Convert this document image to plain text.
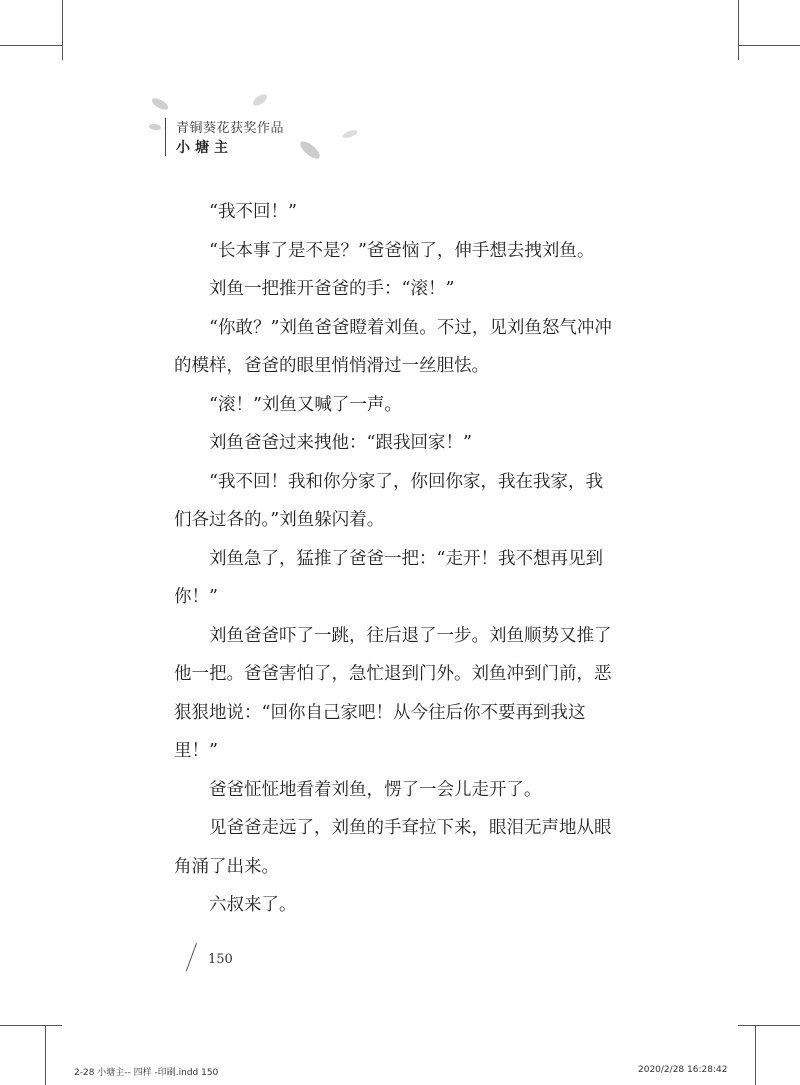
青铜葵花获奖作品
小塘主

“我不回！”

“长本事了是不是？”爸爸恼了，伸手想去拽刘鱼。

刘鱼一把推开爸爸的手：“滚！”

“你敢？”刘鱼爸爸瞪着刘鱼。不过，见刘鱼怒气冲冲的模样，爸爸的眼里悄悄滑过一丝胆怯。

“滚！”刘鱼又喊了一声。

刘鱼爸爸过来拽他：“跟我回家！”

“我不回！我和你分家了，你回你家，我在我家，我们各过各的。”刘鱼躲闪着。

刘鱼急了，猛推了爸爸一把：“走开！我不想再见到你！”

刘鱼爸爸吓了一跳，往后退了一步。刘鱼顺势又推了他一把。爸爸害怕了，急忙退到门外。刘鱼冲到门前，恶狠狠地说：“回你自己家吧！从今往后你不要再到我这里！”

爸爸怔怔地看着刘鱼，愣了一会儿走开了。

见爸爸走远了，刘鱼的手耷拉下来，眼泪无声地从眼角涌了出来。

六叔来了。

150
2-28 小塘主-- 四样 -印刷.indd 150	2020/2/28 16:28:42
